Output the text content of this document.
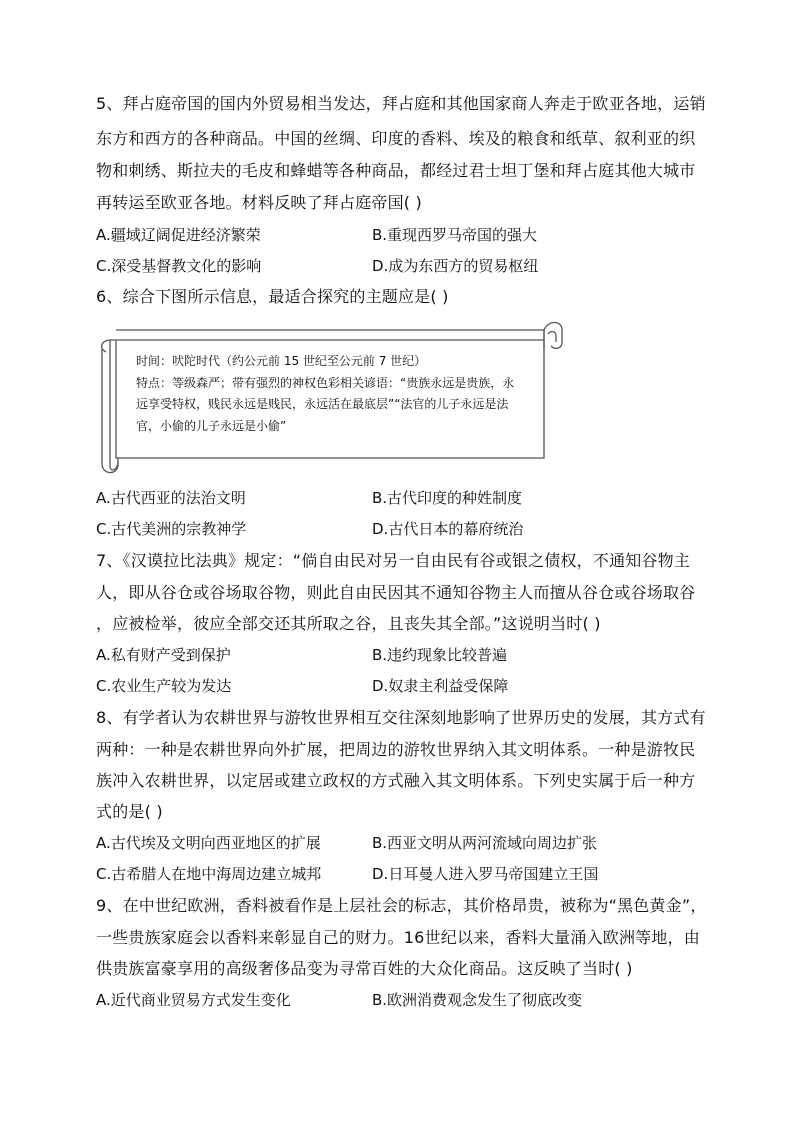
5、拜占庭帝国的国内外贸易相当发达，拜占庭和其他国家商人奔走于欧亚各地，运销
东方和西方的各种商品。中国的丝绸、印度的香料、埃及的粮食和纸草、叙利亚的织
物和刺绣、斯拉夫的毛皮和蜂蜡等各种商品，都经过君士坦丁堡和拜占庭其他大城市
再转运至欧亚各地。材料反映了拜占庭帝国( )
A.疆域辽阔促进经济繁荣	B.重现西罗马帝国的强大
C.深受基督教文化的影响	D.成为东西方的贸易枢纽
6、综合下图所示信息，最适合探究的主题应是( )
时间：吠陀时代（约公元前 15 世纪至公元前 7 世纪）
特点：等级森严；带有强烈的神权色彩相关谚语：“贵族永远是贵族，永
远享受特权，贱民永远是贱民，永远活在最底层”“法官的儿子永远是法
官，小偷的儿子永远是小偷”
A.古代西亚的法治文明	B.古代印度的种姓制度
C.古代美洲的宗教神学	D.古代日本的幕府统治
7、《汉谟拉比法典》规定：“倘自由民对另一自由民有谷或银之债权，不通知谷物主
人，即从谷仓或谷场取谷物，则此自由民因其不通知谷物主人而擅从谷仓或谷场取谷
，应被检举，彼应全部交还其所取之谷，且丧失其全部。”这说明当时( )
A.私有财产受到保护	B.违约现象比较普遍
C.农业生产较为发达	D.奴隶主利益受保障
8、有学者认为农耕世界与游牧世界相互交往深刻地影响了世界历史的发展，其方式有
两种：一种是农耕世界向外扩展，把周边的游牧世界纳入其文明体系。一种是游牧民
族冲入农耕世界，以定居或建立政权的方式融入其文明体系。下列史实属于后一种方
式的是( )
A.古代埃及文明向西亚地区的扩展	B.西亚文明从两河流域向周边扩张
C.古希腊人在地中海周边建立城邦	D.日耳曼人进入罗马帝国建立王国
9、在中世纪欧洲，香料被看作是上层社会的标志，其价格昂贵，被称为“黑色黄金”，
一些贵族家庭会以香料来彰显自己的财力。16世纪以来，香料大量涌入欧洲等地，由
供贵族富豪享用的高级奢侈品变为寻常百姓的大众化商品。这反映了当时( )
A.近代商业贸易方式发生变化	B.欧洲消费观念发生了彻底改变
